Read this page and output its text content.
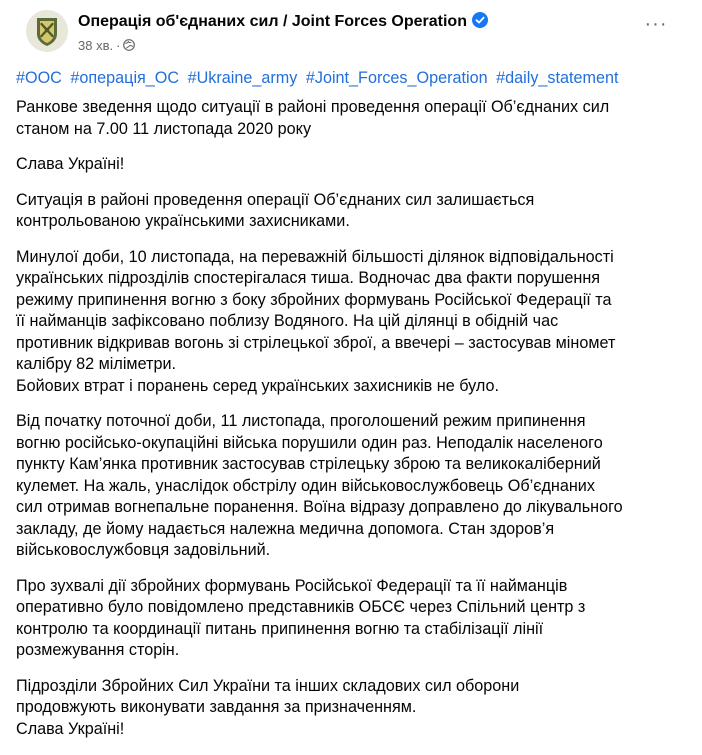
Операція об'єднаних сил / Joint Forces Operation
38 хв. ·
···
#ООС #операція_ОС #Ukraine_army #Joint_Forces_Operation #daily_statement

Ранкове зведення щодо ситуації в районі проведення операції Об’єднаних сил
станом на 7.00 11 листопада 2020 року

Слава Україні!

Ситуація в районі проведення операції Об’єднаних сил залишається
контрольованою українськими захисниками.

Минулої доби, 10 листопада, на переважній більшості ділянок відповідальності
українських підрозділів спостерігалася тиша. Водночас два факти порушення
режиму припинення вогню з боку збройних формувань Російської Федерації та
її найманців зафіксовано поблизу Водяного. На цій ділянці в обідній час
противник відкривав вогонь зі стрілецької зброї, а ввечері – застосував міномет
калібру 82 міліметри.
Бойових втрат і поранень серед українських захисників не було.

Від початку поточної доби, 11 листопада, проголошений режим припинення
вогню російсько-окупаційні війська порушили один раз. Неподалік населеного
пункту Кам’янка противник застосував стрілецьку зброю та великокаліберний
кулемет. На жаль, унаслідок обстрілу один військовослужбовець Об’єднаних
сил отримав вогнепальне поранення. Воїна відразу доправлено до лікувального
закладу, де йому надається належна медична допомога. Стан здоров’я
військовослужбовця задовільний.

Про зухвалі дії збройних формувань Російської Федерації та її найманців
оперативно було повідомлено представників ОБСЄ через Спільний центр з
контролю та координації питань припинення вогню та стабілізації лінії
розмежування сторін.

Підрозділи Збройних Сил України та інших складових сил оборони
продовжують виконувати завдання за призначенням.
Слава Україні!
